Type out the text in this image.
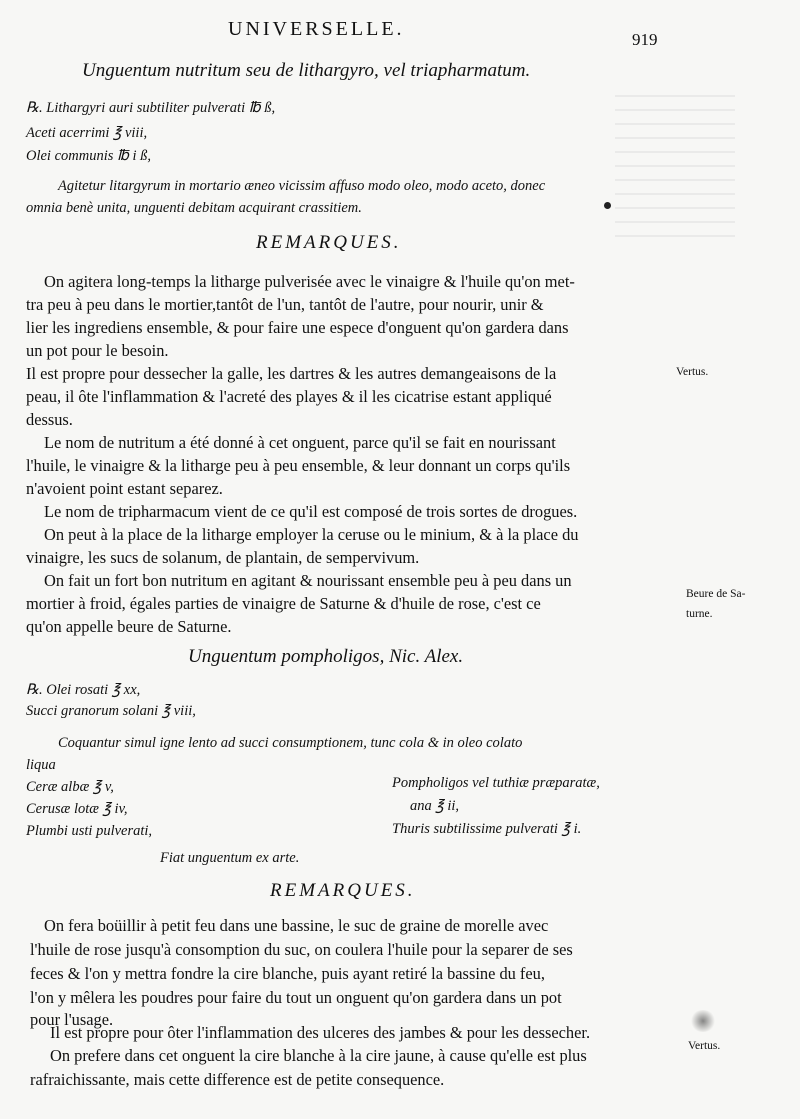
UNIVERSELLE.	919
Unguentum nutritum seu de lithargyro, vel triapharmatum.
℞. Lithargyri auri subtiliter pulverati ℔ ß,
Aceti acerrimi ℥ viii,
Olei communis ℔ i ß,
Agitetur litargyrum in mortario æneo vicissim affuso modo oleo, modo aceto, donec
omnia benè unita, unguenti debitam acquirant crassitiem.
REMARQUES.
On agitera long-temps la litharge pulverisée avec le vinaigre & l'huile qu'on met-
tra peu à peu dans le mortier,tantôt de l'un, tantôt de l'autre, pour nourir, unir &
lier les ingrediens ensemble, & pour faire une espece d'onguent qu'on gardera dans
un pot pour le besoin.
Il est propre pour dessecher la galle, les dartres & les autres demangeaisons de la
peau, il ôte l'inflammation & l'acreté des playes & il les cicatrise estant appliqué
dessus.
Le nom de nutritum a été donné à cet onguent, parce qu'il se fait en nourissant
l'huile, le vinaigre & la litharge peu à peu ensemble, & leur donnant un corps qu'ils
n'avoient point estant separez.
Le nom de tripharmacum vient de ce qu'il est composé de trois sortes de drogues.
On peut à la place de la litharge employer la ceruse ou le minium, & à la place du
vinaigre, les sucs de solanum, de plantain, de sempervivum.
On fait un fort bon nutritum en agitant & nourissant ensemble peu à peu dans un
mortier à froid, égales parties de vinaigre de Saturne & d'huile de rose, c'est ce
qu'on appelle beure de Saturne.
Vertus.
Beure de Sa-
turne.
Unguentum pompholigos, Nic. Alex.
℞. Olei rosati ℥ xx,
Succi granorum solani ℥ viii,
Coquantur simul igne lento ad succi consumptionem, tunc cola & in oleo colato
liqua
Ceræ albæ ℥ v,
Cerusæ lotæ ℥ iv,
Plumbi usti pulverati,
Pompholigos vel tuthiæ præparatæ,
ana ℥ ii,
Thuris subtilissime pulverati ℥ i.
Fiat unguentum ex arte.
REMARQUES.
On fera boüillir à petit feu dans une bassine, le suc de graine de morelle avec
l'huile de rose jusqu'à consomption du suc, on coulera l'huile pour la separer de ses
feces & l'on y mettra fondre la cire blanche, puis ayant retiré la bassine du feu,
l'on y mêlera les poudres pour faire du tout un onguent qu'on gardera dans un pot
pour l'usage.
Il est propre pour ôter l'inflammation des ulceres des jambes & pour les dessecher.
On prefere dans cet onguent la cire blanche à la cire jaune, à cause qu'elle est plus
rafraichissante, mais cette difference est de petite consequence.
Vertus.
